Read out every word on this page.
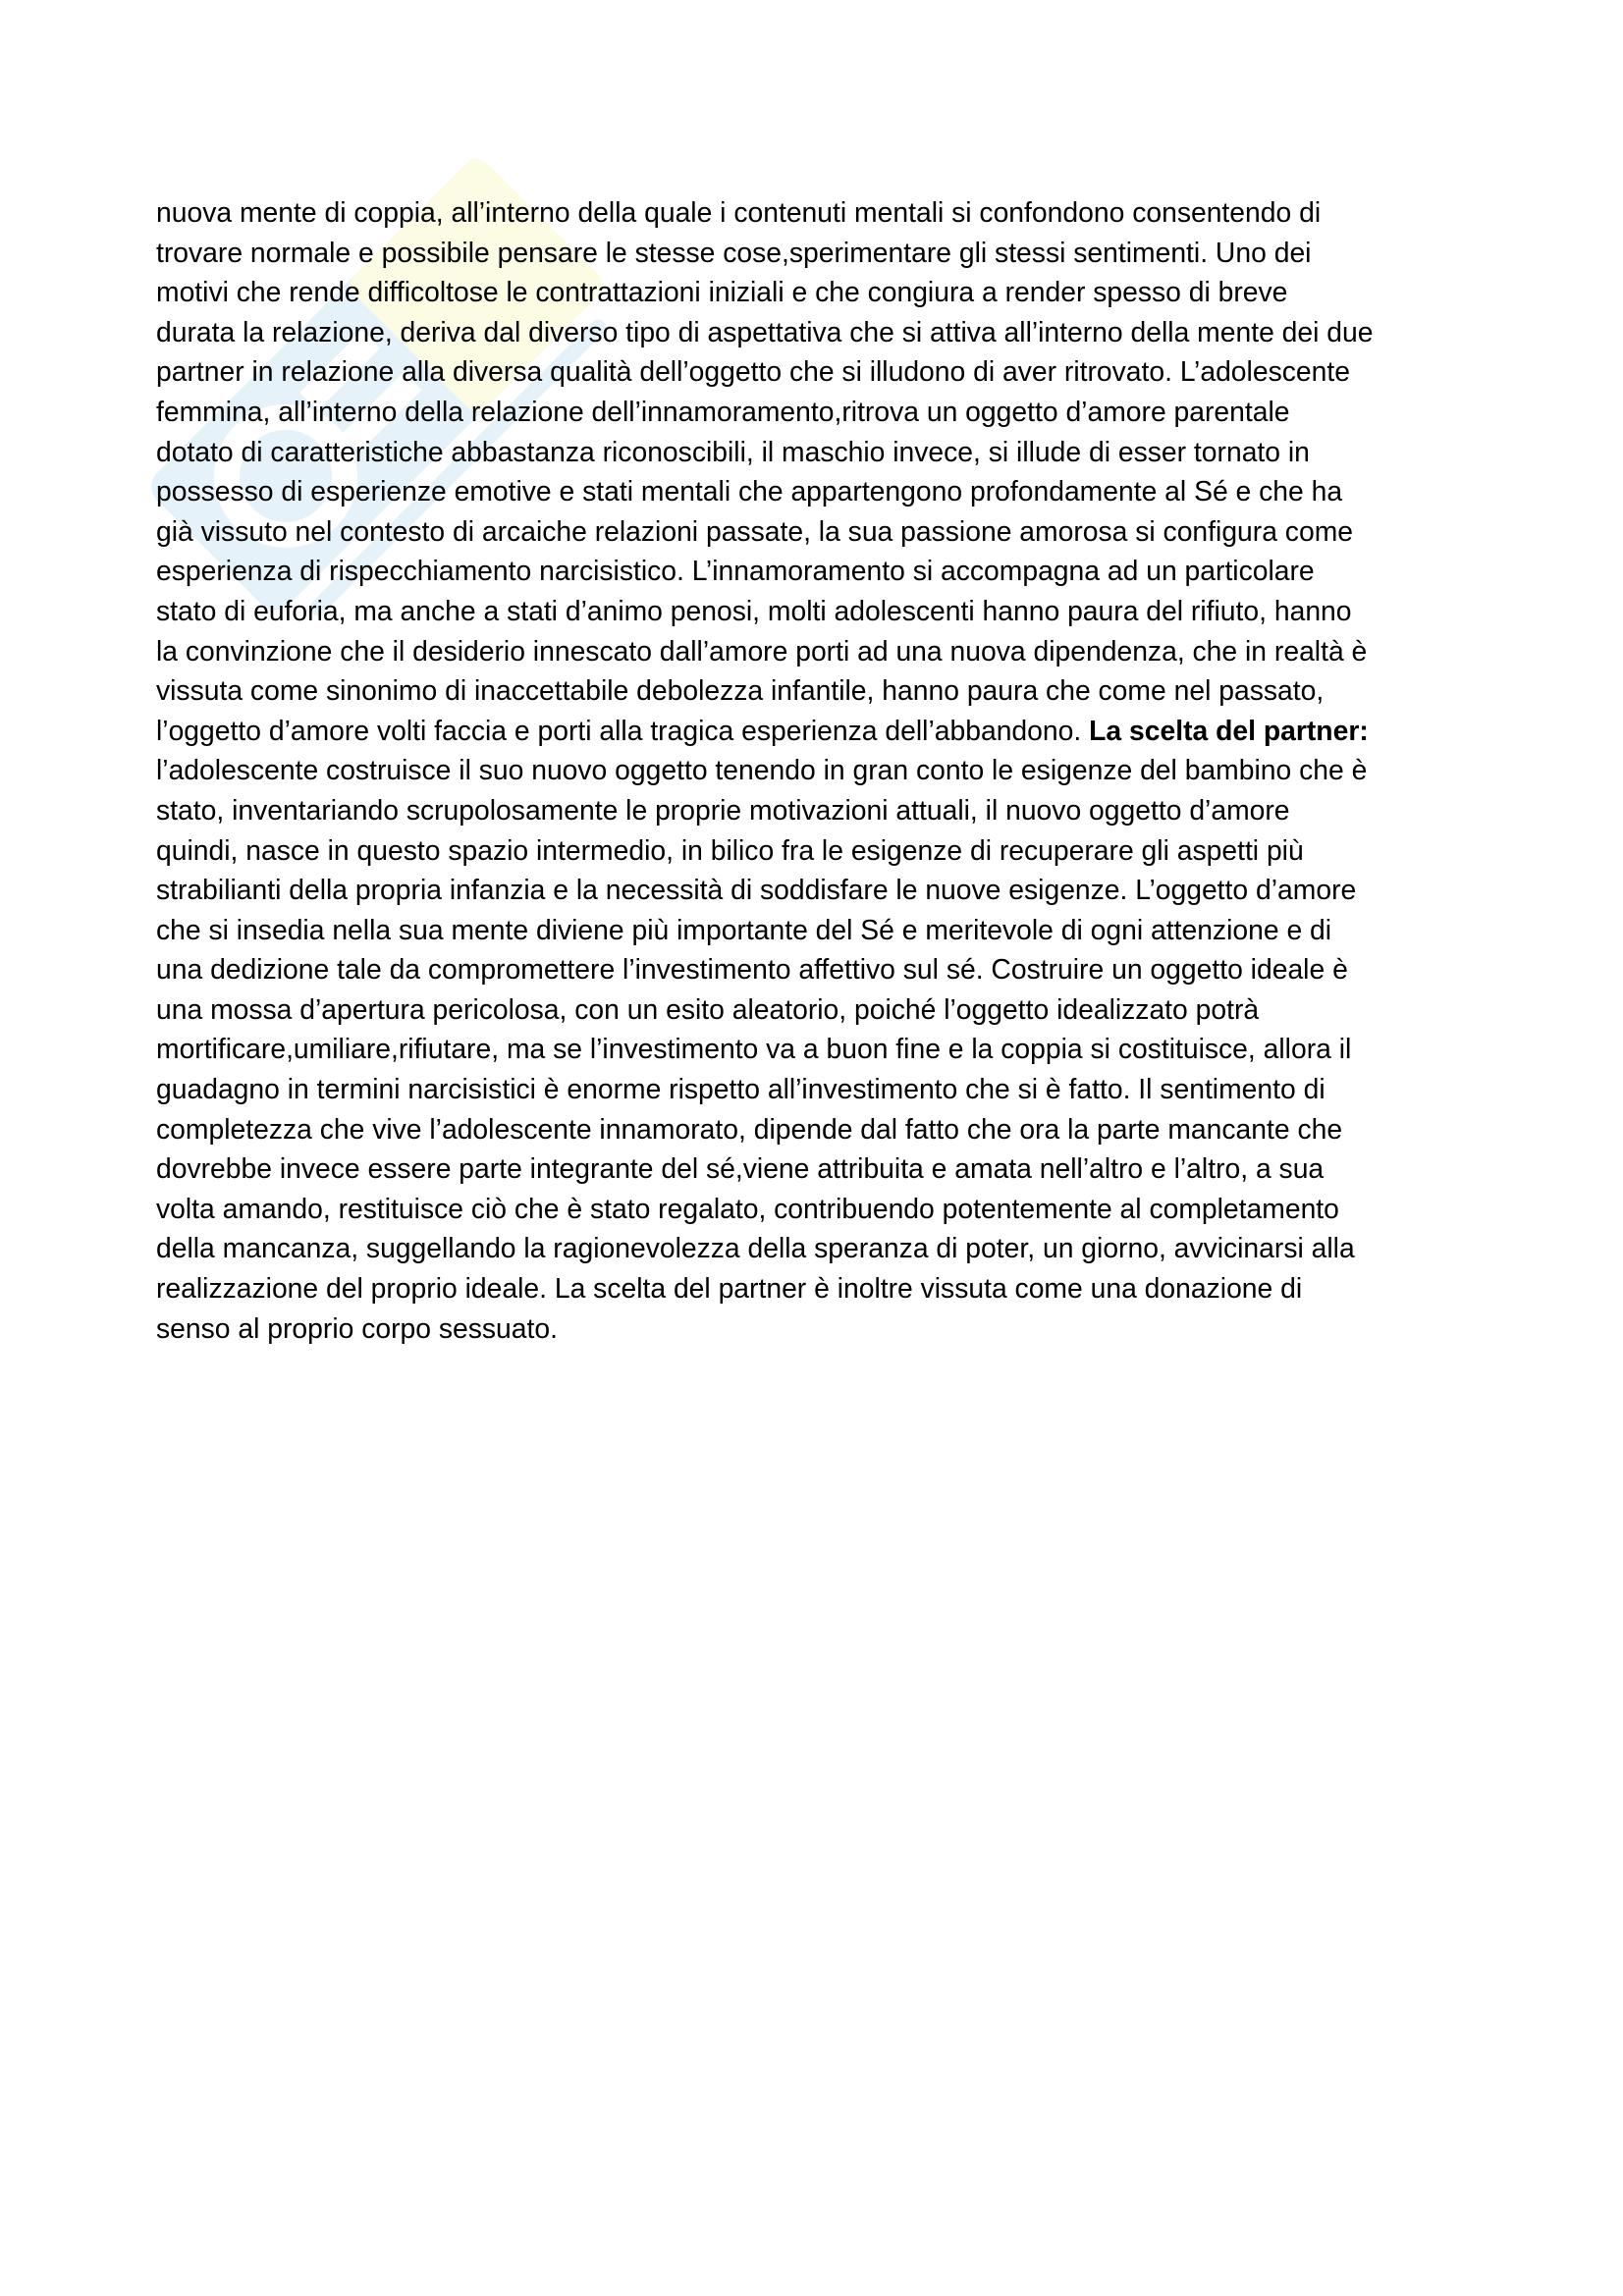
nuova mente di coppia, all’interno della quale i contenuti mentali si confondono consentendo di
trovare normale e possibile pensare le stesse cose,sperimentare gli stessi sentimenti. Uno dei
motivi che rende difficoltose le contrattazioni iniziali e che congiura a render spesso di breve
durata la relazione, deriva dal diverso tipo di aspettativa che si attiva all’interno della mente dei due
partner in relazione alla diversa qualità dell’oggetto che si illudono di aver ritrovato. L’adolescente
femmina, all’interno della relazione dell’innamoramento,ritrova un oggetto d’amore parentale
dotato di caratteristiche abbastanza riconoscibili, il maschio invece, si illude di esser tornato in
possesso di esperienze emotive e stati mentali che appartengono profondamente al Sé e che ha
già vissuto nel contesto di arcaiche relazioni passate, la sua passione amorosa si configura come
esperienza di rispecchiamento narcisistico. L’innamoramento si accompagna ad un particolare
stato di euforia, ma anche a stati d’animo penosi, molti adolescenti hanno paura del rifiuto, hanno
la convinzione che il desiderio innescato dall’amore porti ad una nuova dipendenza, che in realtà è
vissuta come sinonimo di inaccettabile debolezza infantile, hanno paura che come nel passato,
l’oggetto d’amore volti faccia e porti alla tragica esperienza dell’abbandono. La scelta del partner:
l’adolescente costruisce il suo nuovo oggetto tenendo in gran conto le esigenze del bambino che è
stato, inventariando scrupolosamente le proprie motivazioni attuali, il nuovo oggetto d’amore
quindi, nasce in questo spazio intermedio, in bilico fra le esigenze di recuperare gli aspetti più
strabilianti della propria infanzia e la necessità di soddisfare le nuove esigenze. L’oggetto d’amore
che si insedia nella sua mente diviene più importante del Sé e meritevole di ogni attenzione e di
una dedizione tale da compromettere l’investimento affettivo sul sé. Costruire un oggetto ideale è
una mossa d’apertura pericolosa, con un esito aleatorio, poiché l’oggetto idealizzato potrà
mortificare,umiliare,rifiutare, ma se l’investimento va a buon fine e la coppia si costituisce, allora il
guadagno in termini narcisistici è enorme rispetto all’investimento che si è fatto. Il sentimento di
completezza che vive l’adolescente innamorato, dipende dal fatto che ora la parte mancante che
dovrebbe invece essere parte integrante del sé,viene attribuita e amata nell’altro e l’altro, a sua
volta amando, restituisce ciò che è stato regalato, contribuendo potentemente al completamento
della mancanza, suggellando la ragionevolezza della speranza di poter, un giorno, avvicinarsi alla
realizzazione del proprio ideale. La scelta del partner è inoltre vissuta come una donazione di
senso al proprio corpo sessuato.
